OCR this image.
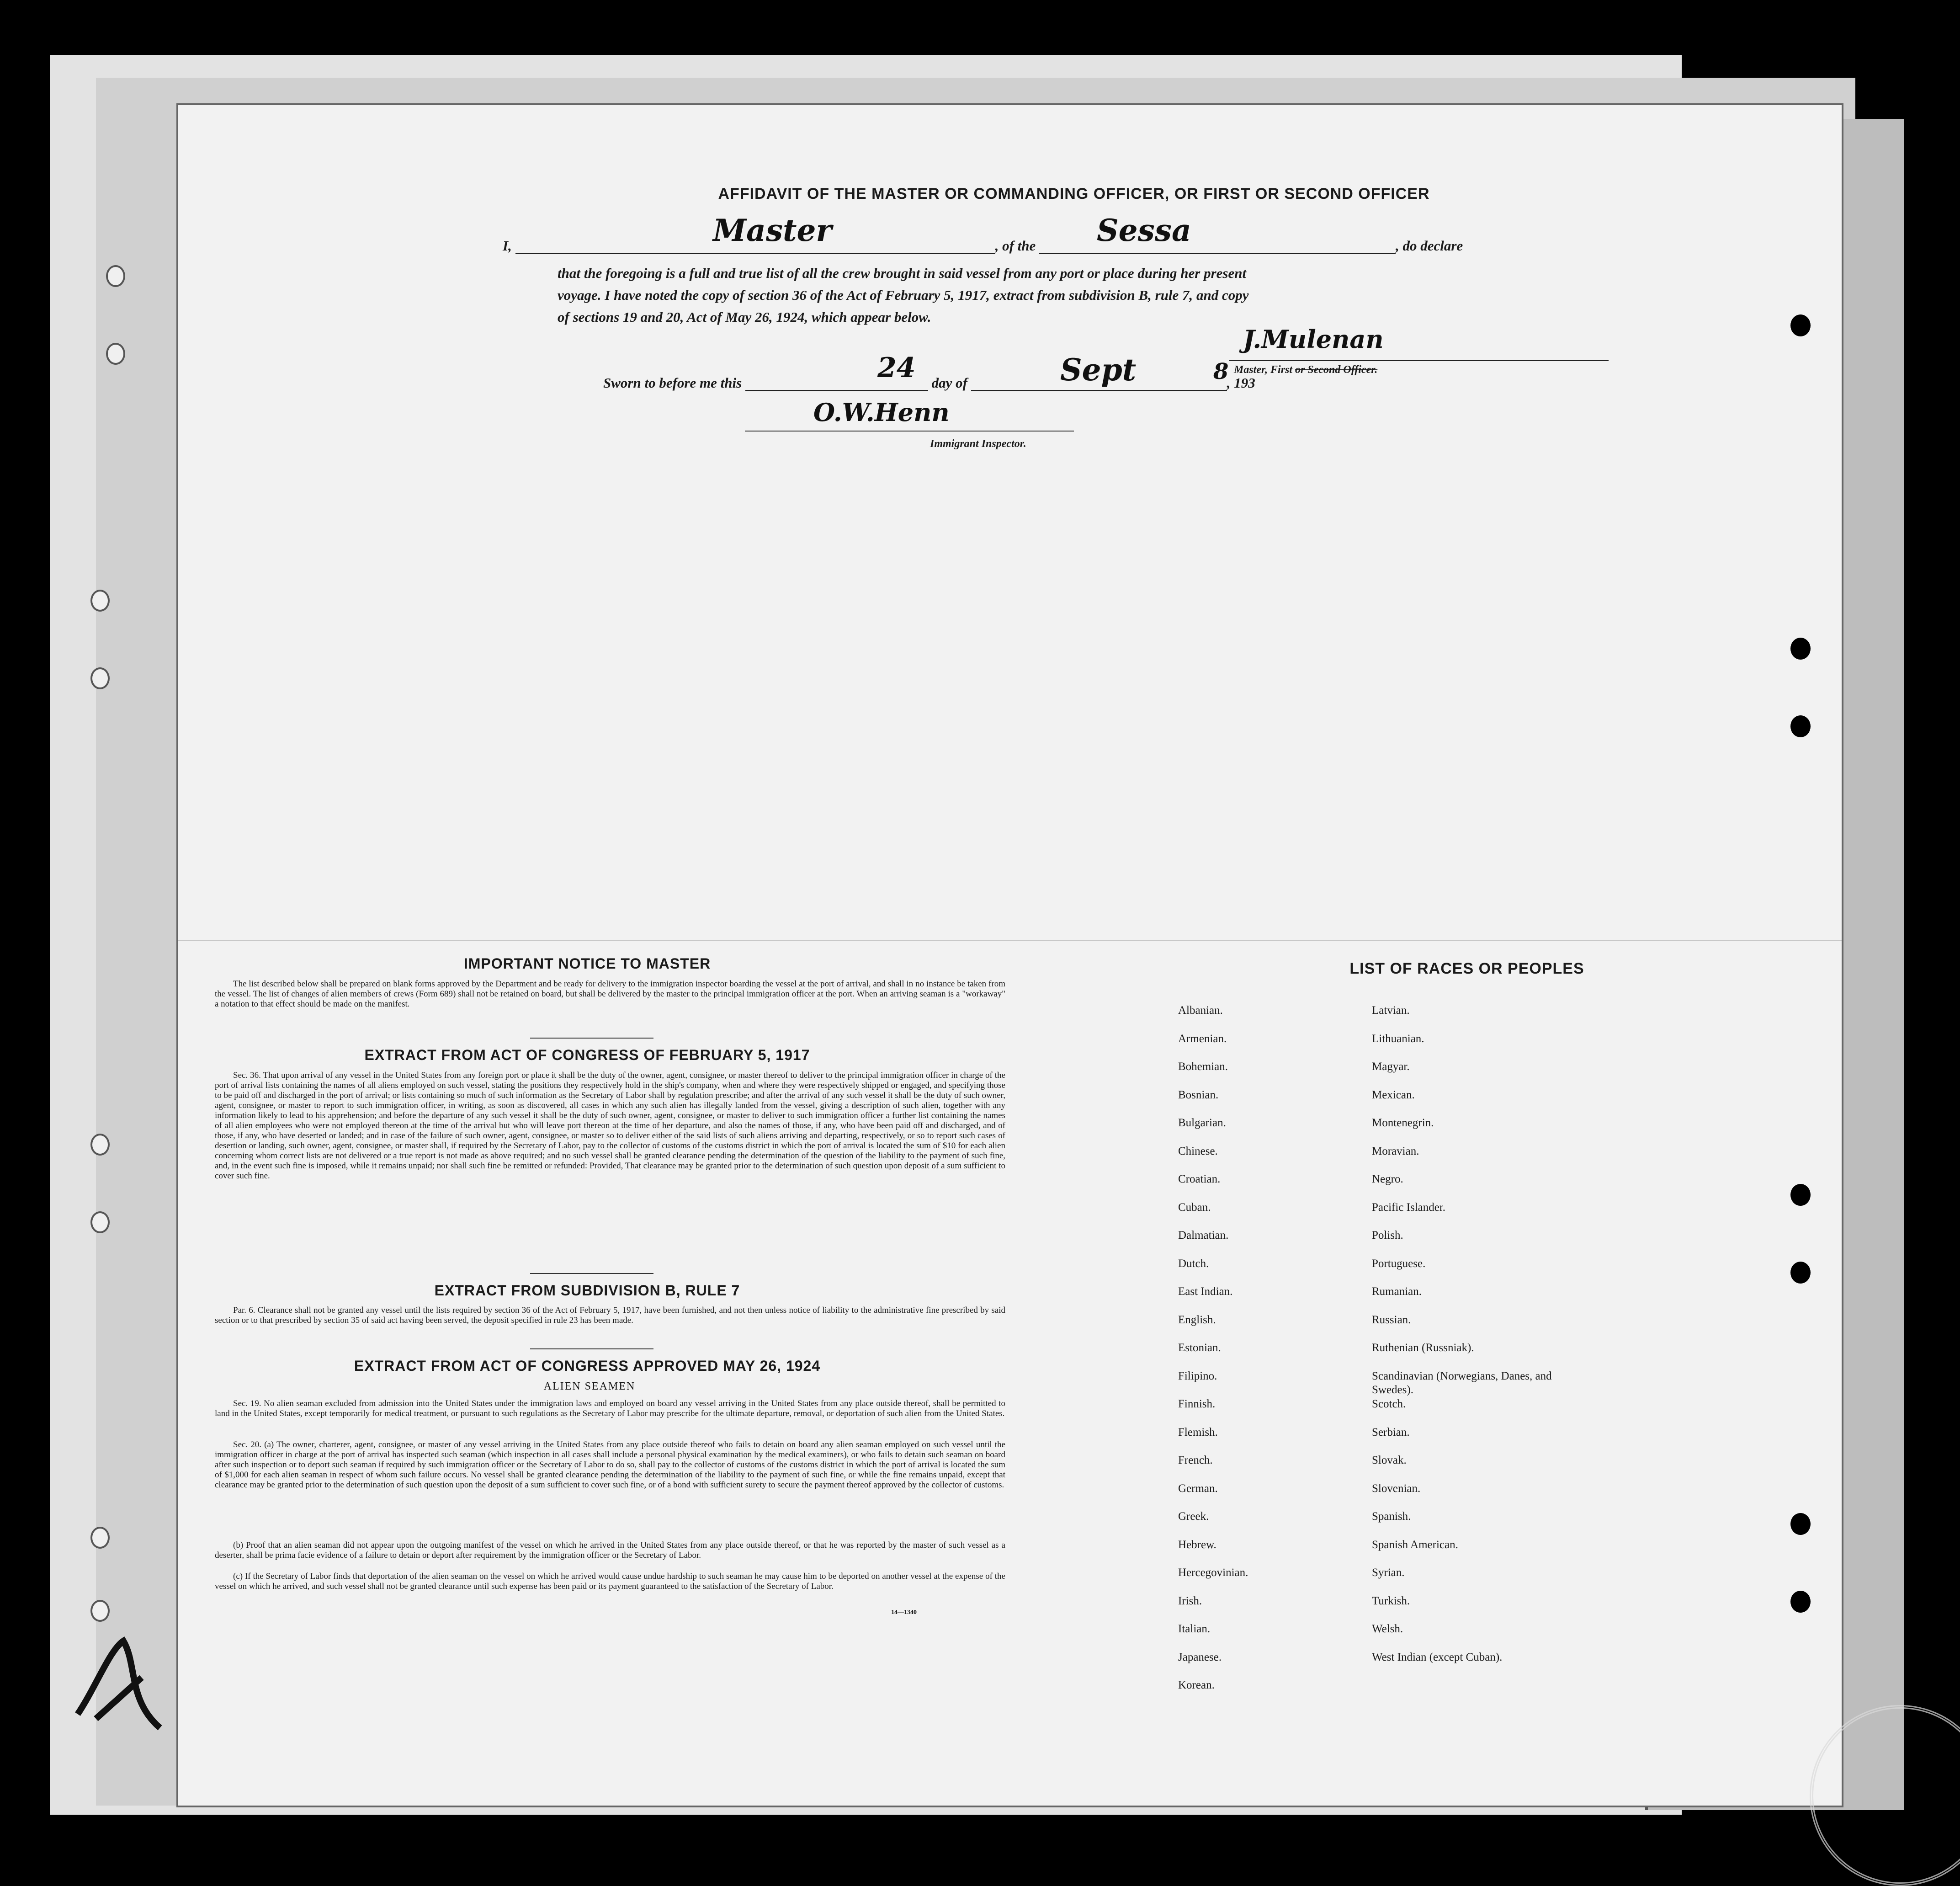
AFFIDAVIT OF THE MASTER OR COMMANDING OFFICER, OR FIRST OR SECOND OFFICER
I,	, of the	, do declare
Master	Sessa
that the foregoing is a full and true list of all the crew brought in said vessel from any port or place during her present
voyage. I have noted the copy of section 36 of the Act of February 5, 1917, extract from subdivision B, rule 7, and copy
of sections 19 and 20, Act of May 26, 1924, which appear below.
J.Mulenan
Master, First or Second Officer.
Sworn to before me this	day of	, 193
24	Sept	8
O.W.Henn
Immigrant Inspector.
IMPORTANT NOTICE TO MASTER
The list described below shall be prepared on blank forms approved by the Department and be ready for delivery to the immigration inspector boarding the vessel at the port of arrival, and shall in no instance be taken from the vessel. The list of changes of alien members of crews (Form 689) shall not be retained on board, but shall be delivered by the master to the principal immigration officer at the port. When an arriving seaman is a "workaway" a notation to that effect should be made on the manifest.
EXTRACT FROM ACT OF CONGRESS OF FEBRUARY 5, 1917
Sec. 36. That upon arrival of any vessel in the United States from any foreign port or place it shall be the duty of the owner, agent, consignee, or master thereof to deliver to the principal immigration officer in charge of the port of arrival lists containing the names of all aliens employed on such vessel, stating the positions they respectively hold in the ship's company, when and where they were respectively shipped or engaged, and specifying those to be paid off and discharged in the port of arrival; or lists containing so much of such information as the Secretary of Labor shall by regulation prescribe; and after the arrival of any such vessel it shall be the duty of such owner, agent, consignee, or master to report to such immigration officer, in writing, as soon as discovered, all cases in which any such alien has illegally landed from the vessel, giving a description of such alien, together with any information likely to lead to his apprehension; and before the departure of any such vessel it shall be the duty of such owner, agent, consignee, or master to deliver to such immigration officer a further list containing the names of all alien employees who were not employed thereon at the time of the arrival but who will leave port thereon at the time of her departure, and also the names of those, if any, who have been paid off and discharged, and of those, if any, who have deserted or landed; and in case of the failure of such owner, agent, consignee, or master so to deliver either of the said lists of such aliens arriving and departing, respectively, or so to report such cases of desertion or landing, such owner, agent, consignee, or master shall, if required by the Secretary of Labor, pay to the collector of customs of the customs district in which the port of arrival is located the sum of $10 for each alien concerning whom correct lists are not delivered or a true report is not made as above required; and no such vessel shall be granted clearance pending the determination of the question of the liability to the payment of such fine, and, in the event such fine is imposed, while it remains unpaid; nor shall such fine be remitted or refunded: Provided, That clearance may be granted prior to the determination of such question upon deposit of a sum sufficient to cover such fine.
EXTRACT FROM SUBDIVISION B, RULE 7
Par. 6. Clearance shall not be granted any vessel until the lists required by section 36 of the Act of February 5, 1917, have been furnished, and not then unless notice of liability to the administrative fine prescribed by said section or to that prescribed by section 35 of said act having been served, the deposit specified in rule 23 has been made.
EXTRACT FROM ACT OF CONGRESS APPROVED MAY 26, 1924
ALIEN SEAMEN
Sec. 19. No alien seaman excluded from admission into the United States under the immigration laws and employed on board any vessel arriving in the United States from any place outside thereof, shall be permitted to land in the United States, except temporarily for medical treatment, or pursuant to such regulations as the Secretary of Labor may prescribe for the ultimate departure, removal, or deportation of such alien from the United States.
Sec. 20. (a) The owner, charterer, agent, consignee, or master of any vessel arriving in the United States from any place outside thereof who fails to detain on board any alien seaman employed on such vessel until the immigration officer in charge at the port of arrival has inspected such seaman (which inspection in all cases shall include a personal physical examination by the medical examiners), or who fails to detain such seaman on board after such inspection or to deport such seaman if required by such immigration officer or the Secretary of Labor to do so, shall pay to the collector of customs of the customs district in which the port of arrival is located the sum of $1,000 for each alien seaman in respect of whom such failure occurs. No vessel shall be granted clearance pending the determination of the liability to the payment of such fine, or while the fine remains unpaid, except that clearance may be granted prior to the determination of such question upon the deposit of a sum sufficient to cover such fine, or of a bond with sufficient surety to secure the payment thereof approved by the collector of customs.
(b) Proof that an alien seaman did not appear upon the outgoing manifest of the vessel on which he arrived in the United States from any place outside thereof, or that he was reported by the master of such vessel as a deserter, shall be prima facie evidence of a failure to detain or deport after requirement by the immigration officer or the Secretary of Labor.
(c) If the Secretary of Labor finds that deportation of the alien seaman on the vessel on which he arrived would cause undue hardship to such seaman he may cause him to be deported on another vessel at the expense of the vessel on which he arrived, and such vessel shall not be granted clearance until such expense has been paid or its payment guaranteed to the satisfaction of the Secretary of Labor.
14—1340
LIST OF RACES OR PEOPLES
Albanian.
Armenian.
Bohemian.
Bosnian.
Bulgarian.
Chinese.
Croatian.
Cuban.
Dalmatian.
Dutch.
East Indian.
English.
Estonian.
Filipino.
Finnish.
Flemish.
French.
German.
Greek.
Hebrew.
Hercegovinian.
Irish.
Italian.
Japanese.
Korean.
Latvian.
Lithuanian.
Magyar.
Mexican.
Montenegrin.
Moravian.
Negro.
Pacific Islander.
Polish.
Portuguese.
Rumanian.
Russian.
Ruthenian (Russniak).
Scandinavian (Norwegians, Danes, and Swedes).
Scotch.
Serbian.
Slovak.
Slovenian.
Spanish.
Spanish American.
Syrian.
Turkish.
Welsh.
West Indian (except Cuban).
